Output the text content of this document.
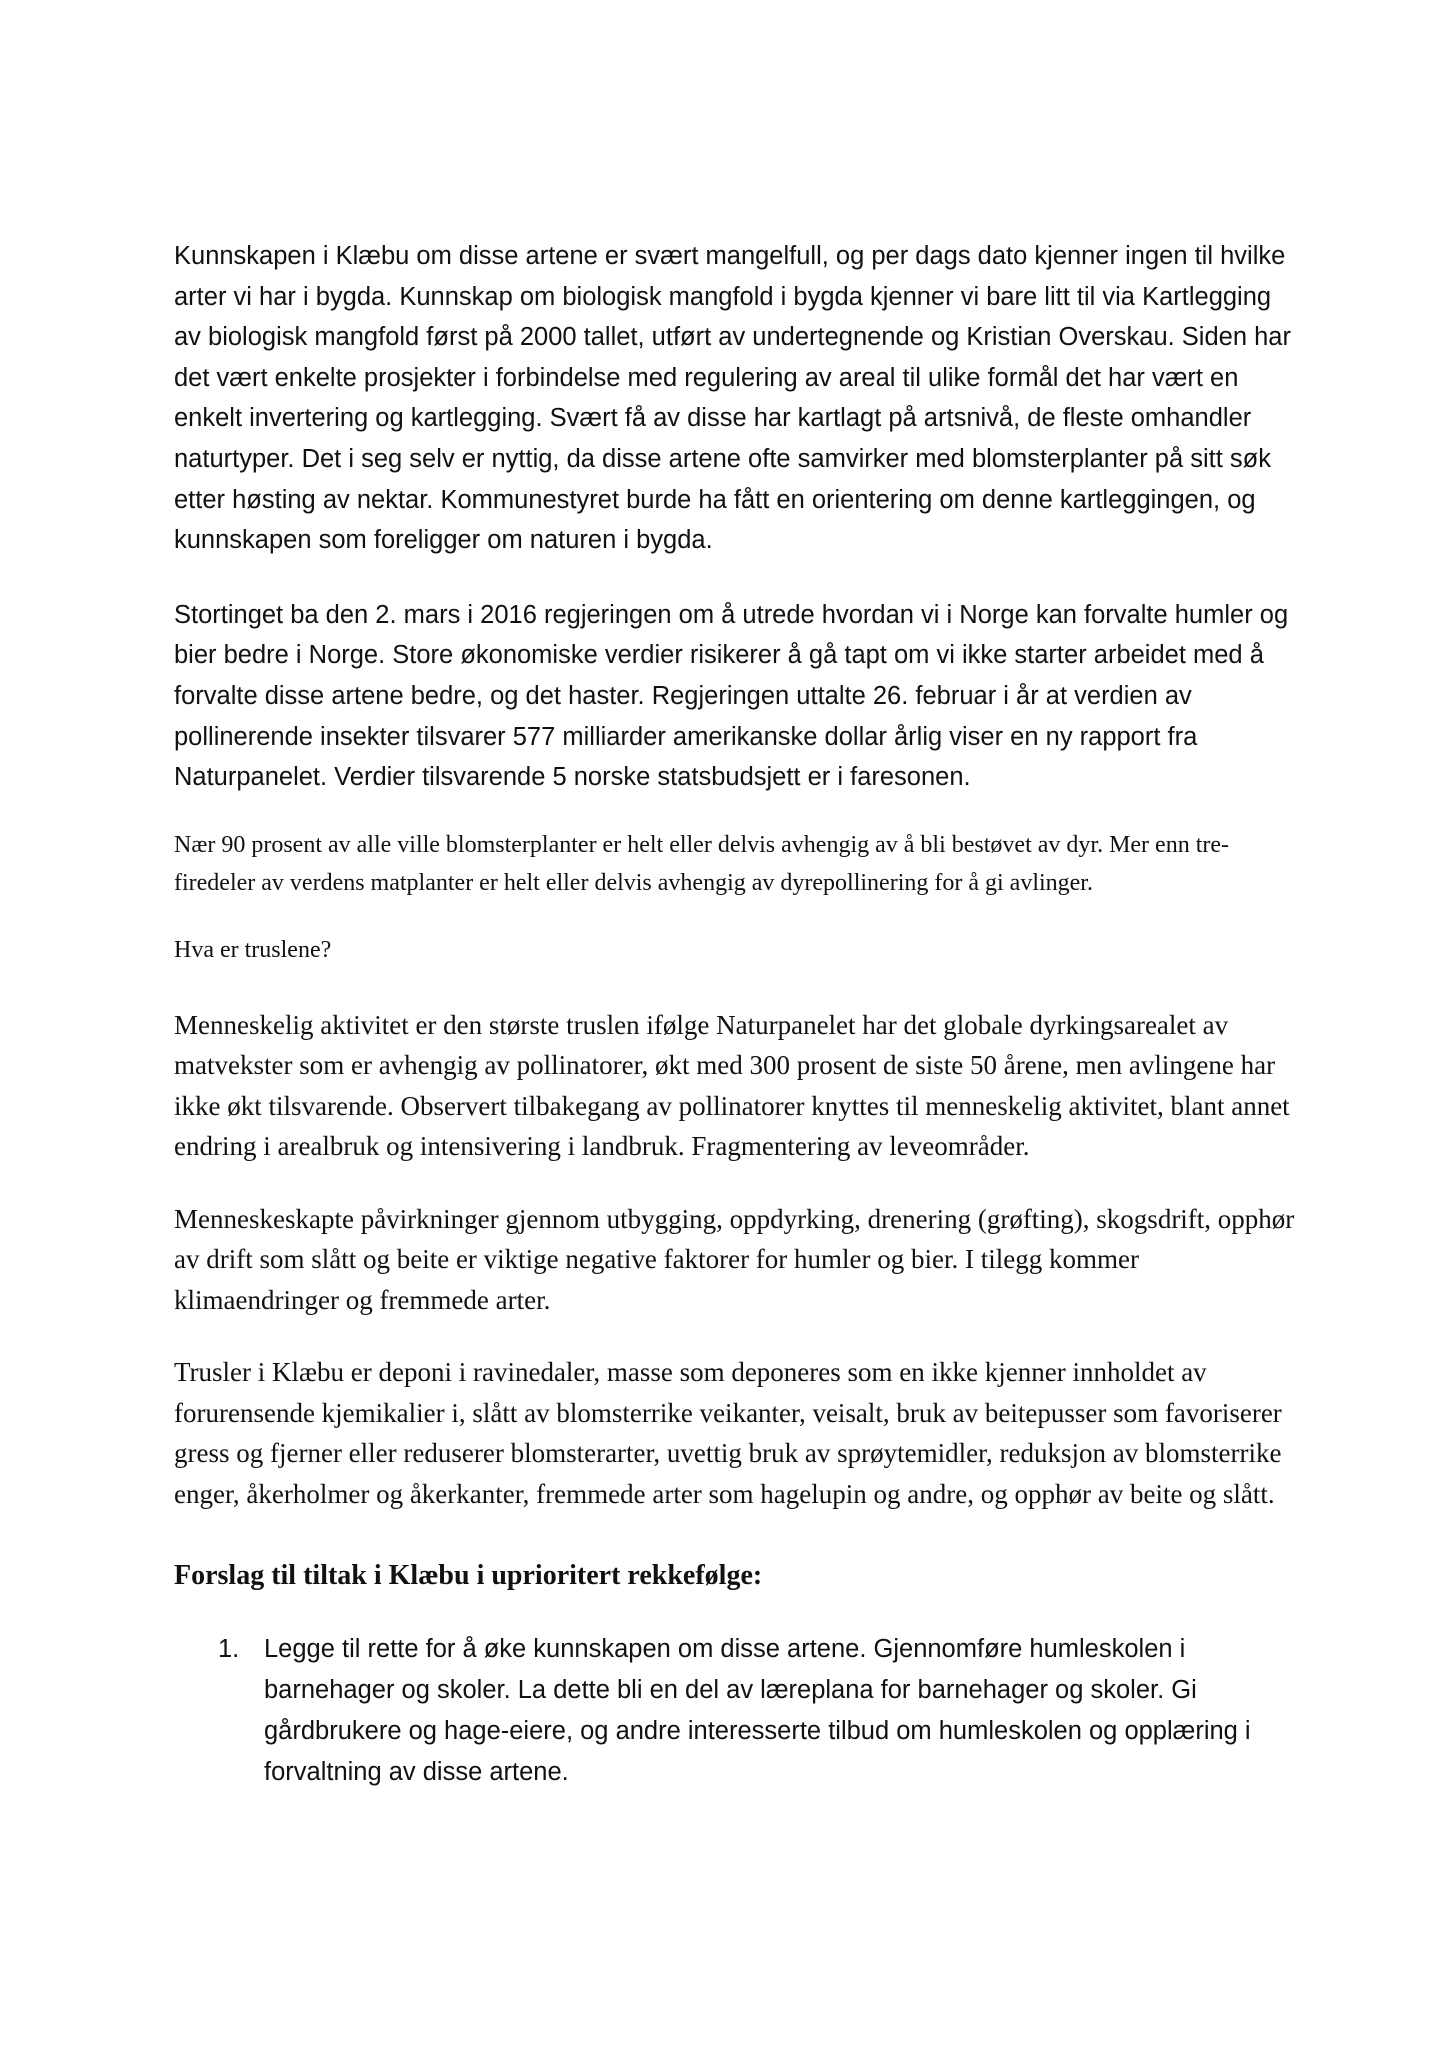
Kunnskapen i Klæbu om disse artene er svært mangelfull, og per dags dato kjenner ingen til hvilke arter vi har i bygda. Kunnskap om biologisk mangfold i bygda kjenner vi bare litt til via Kartlegging av biologisk mangfold først på 2000 tallet, utført av undertegnende og Kristian Overskau. Siden har det vært enkelte prosjekter i forbindelse med regulering av areal til ulike formål det har vært en enkelt invertering og kartlegging. Svært få av disse har kartlagt på artsnivå, de fleste omhandler naturtyper. Det i seg selv er nyttig, da disse artene ofte samvirker med blomsterplanter på sitt søk etter høsting av nektar. Kommunestyret burde ha fått en orientering om denne kartleggingen, og kunnskapen som foreligger om naturen i bygda.

Stortinget ba den 2. mars i 2016 regjeringen om å utrede hvordan vi i Norge kan forvalte humler og bier bedre i Norge. Store økonomiske verdier risikerer å gå tapt om vi ikke starter arbeidet med å forvalte disse artene bedre, og det haster. Regjeringen uttalte 26. februar i år at verdien av pollinerende insekter tilsvarer 577 milliarder amerikanske dollar årlig viser en ny rapport fra Naturpanelet. Verdier tilsvarende 5 norske statsbudsjett er i faresonen.

Nær 90 prosent av alle ville blomsterplanter er helt eller delvis avhengig av å bli bestøvet av dyr. Mer enn tre-firedeler av verdens matplanter er helt eller delvis avhengig av dyrepollinering for å gi avlinger.

Hva er truslene?

Menneskelig aktivitet er den største truslen ifølge Naturpanelet har det globale dyrkingsarealet av matvekster som er avhengig av pollinatorer, økt med 300 prosent de siste 50 årene, men avlingene har ikke økt tilsvarende. Observert tilbakegang av pollinatorer knyttes til menneskelig aktivitet, blant annet endring i arealbruk og intensivering i landbruk. Fragmentering av leveområder.

Menneskeskapte påvirkninger gjennom utbygging, oppdyrking, drenering (grøfting), skogsdrift, opphør av drift som slått og beite er viktige negative faktorer for humler og bier. I tilegg kommer klimaendringer og fremmede arter.

Trusler i Klæbu er deponi i ravinedaler, masse som deponeres som en ikke kjenner innholdet av forurensende kjemikalier i, slått av blomsterrike veikanter, veisalt, bruk av beitepusser som favoriserer gress og fjerner eller reduserer blomsterarter, uvettig bruk av sprøytemidler, reduksjon av blomsterrike enger, åkerholmer og åkerkanter, fremmede arter som hagelupin og andre, og opphør av beite og slått.

Forslag til tiltak i Klæbu i uprioritert rekkefølge:
1. Legge til rette for å øke kunnskapen om disse artene. Gjennomføre humleskolen i barnehager og skoler. La dette bli en del av læreplana for barnehager og skoler. Gi gårdbrukere og hage-eiere, og andre interesserte tilbud om humleskolen og opplæring i forvaltning av disse artene.
